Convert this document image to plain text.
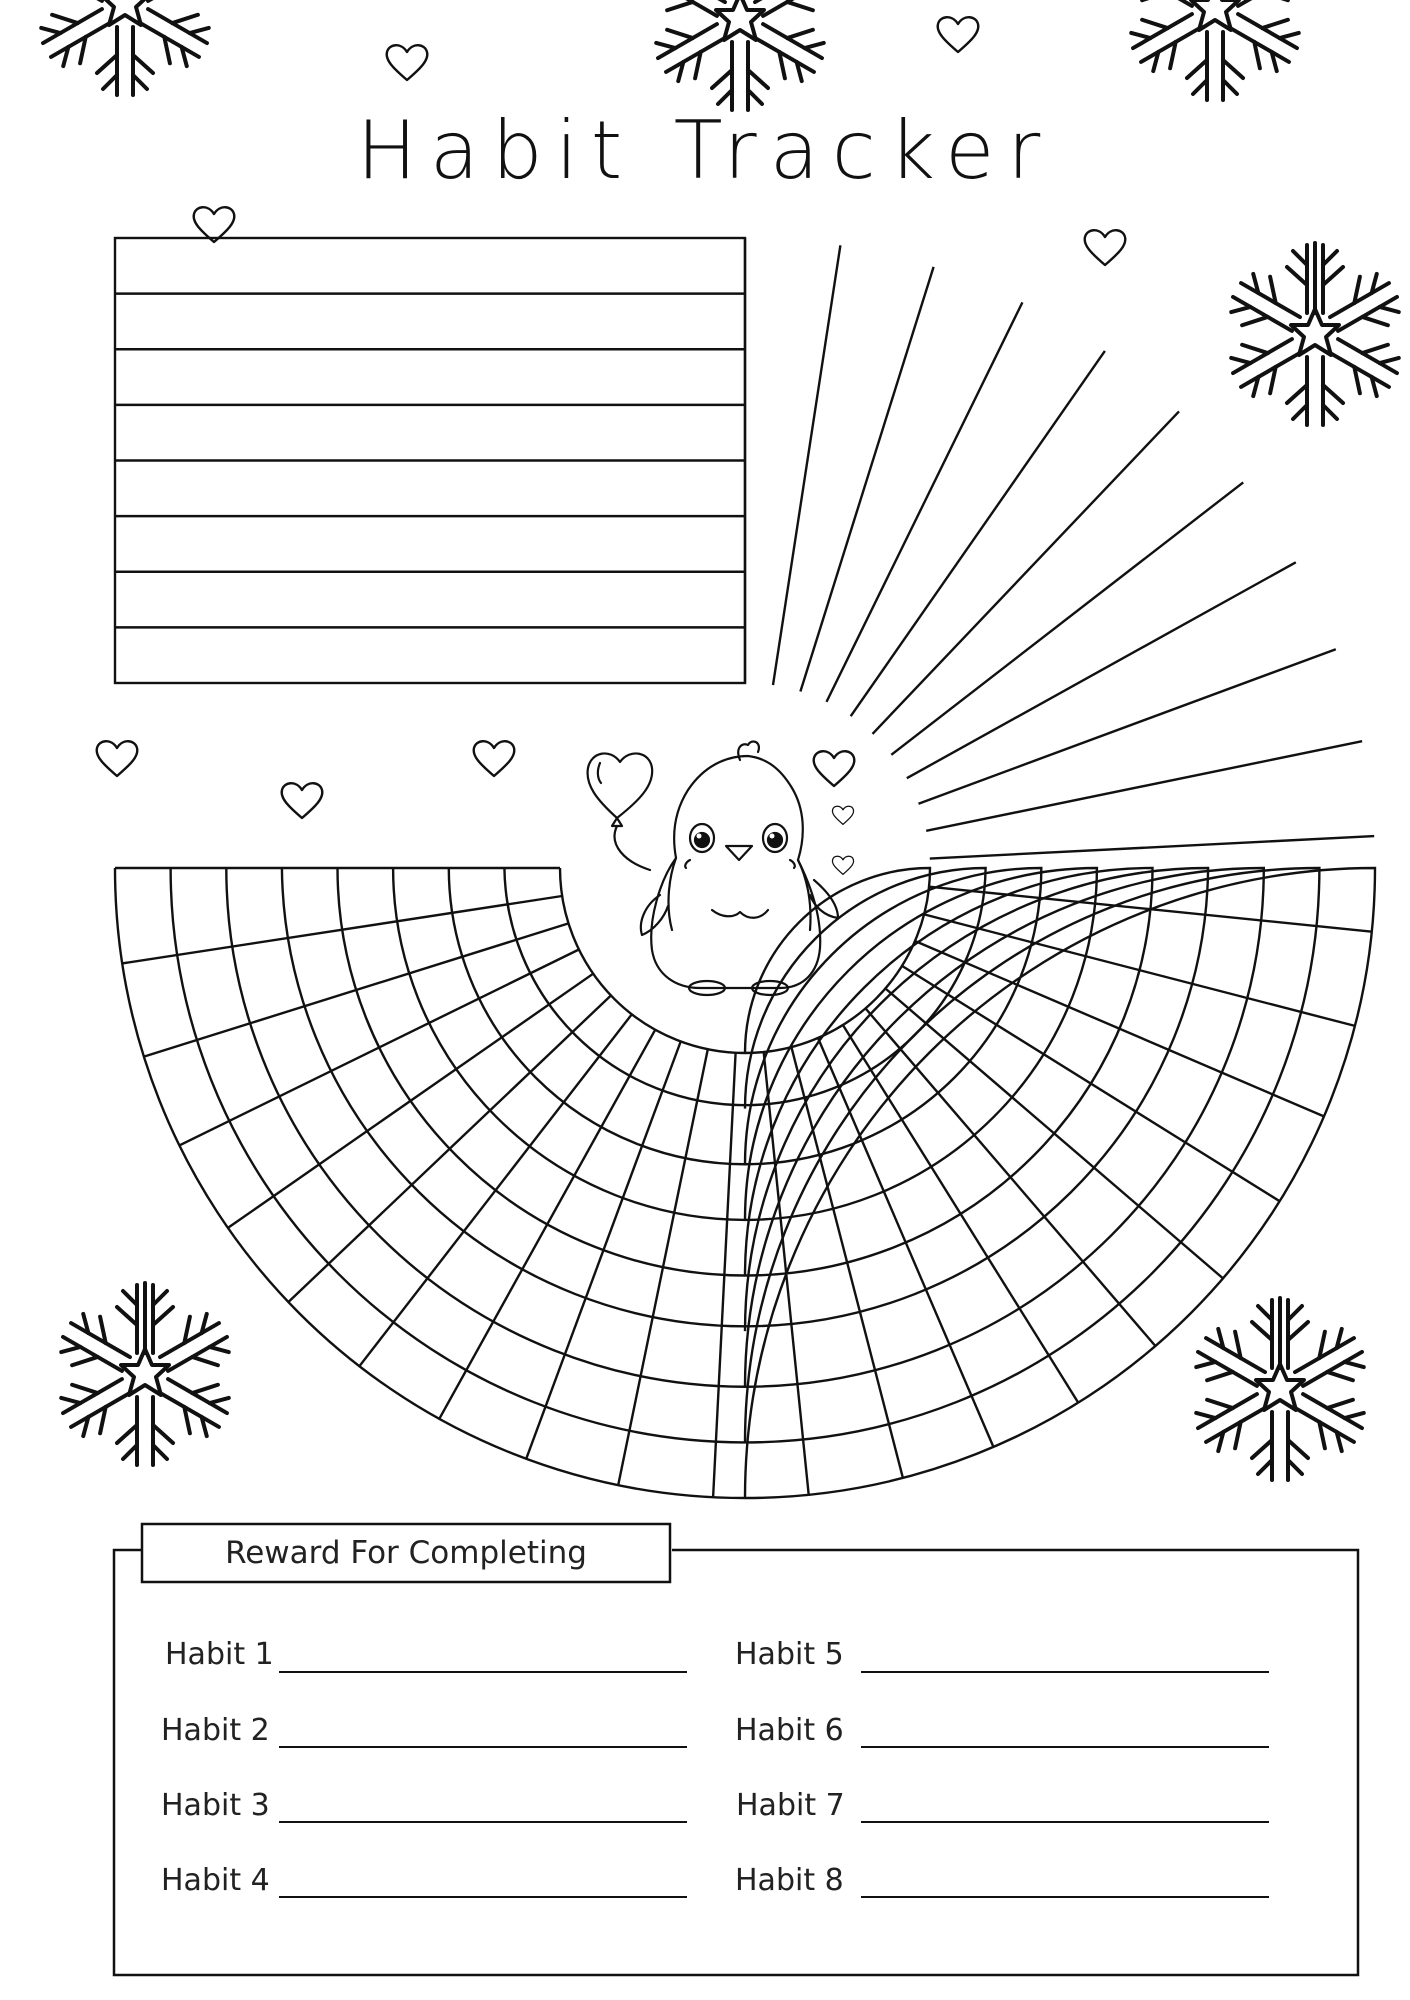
Habit Tracker
Reward For Completing
Habit 1
Habit 2
Habit 3
Habit 4
Habit 5
Habit 6
Habit 7
Habit 8
